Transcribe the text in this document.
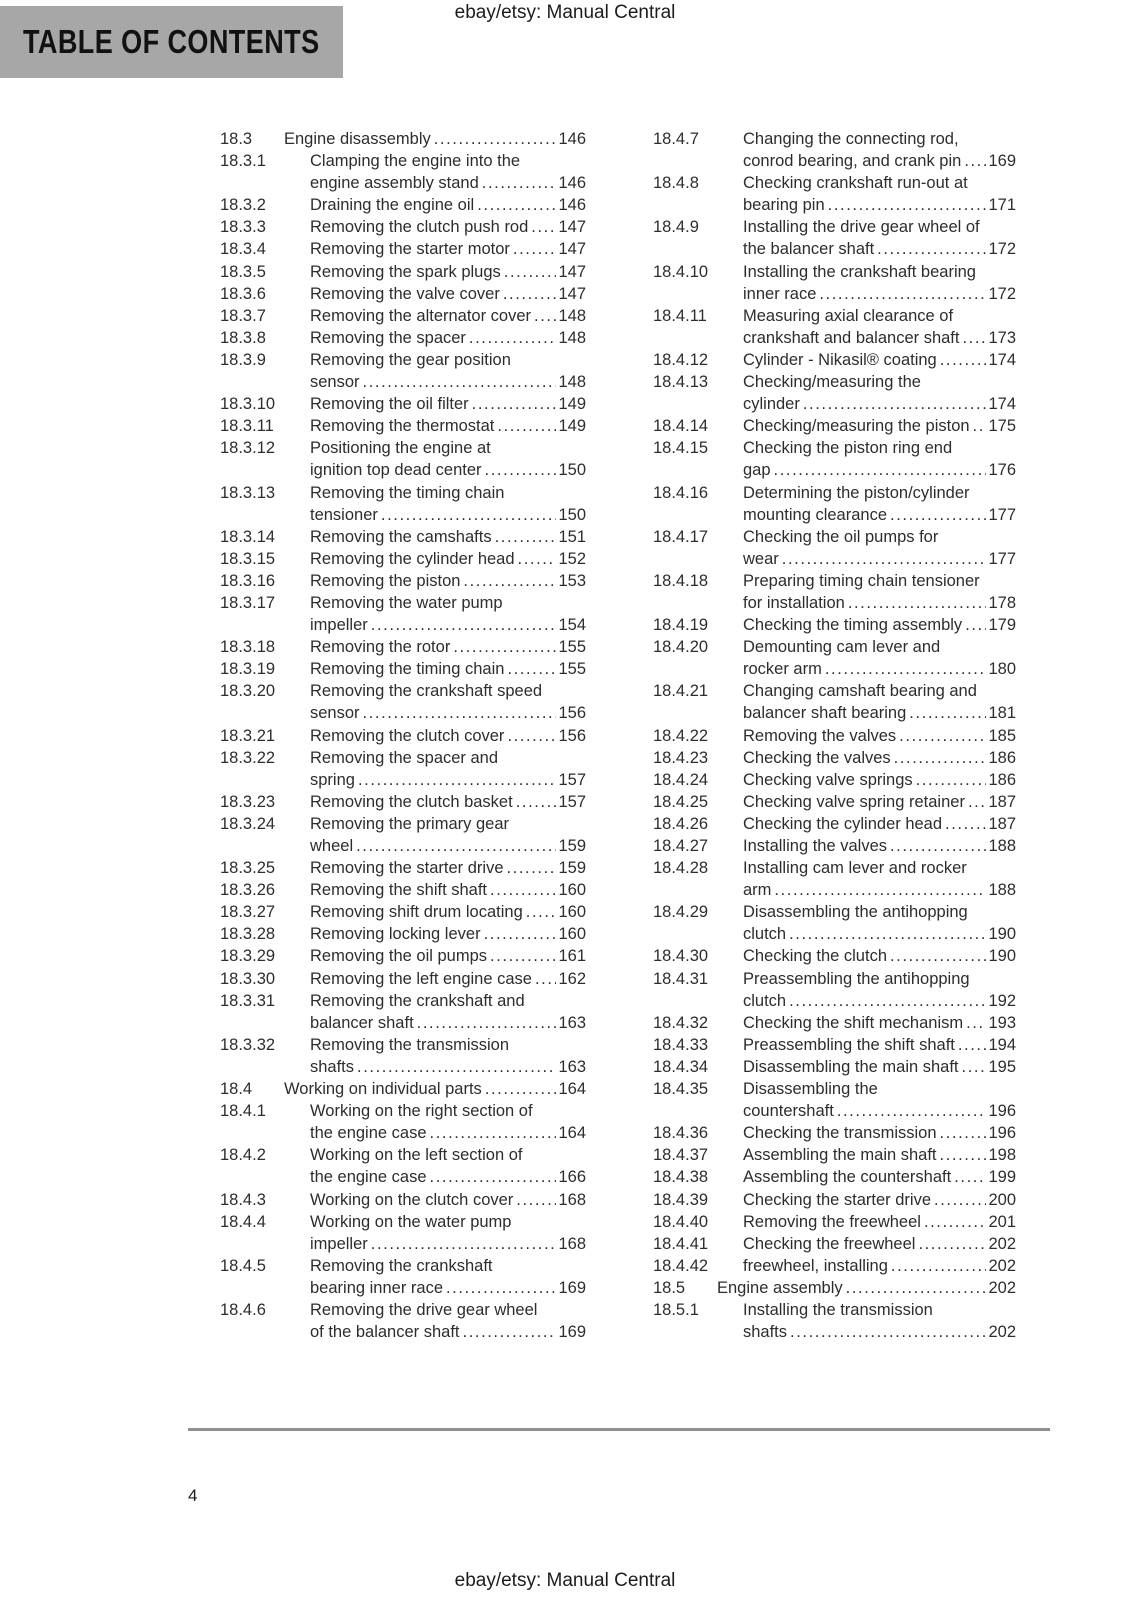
ebay/etsy: Manual Central
TABLE OF CONTENTS
18.3	Engine disassembly .....	146
18.3.1	Clamping the engine into the
engine assembly stand .....	146
18.3.2	Draining the engine oil .....	146
18.3.3	Removing the clutch push rod ..... 147
18.3.4	Removing the starter motor .....	147
18.3.5	Removing the spark plugs .....	147
18.3.6	Removing the valve cover .....	147
18.3.7	Removing the alternator cover ..... 148
18.3.8	Removing the spacer .....	148
18.3.9	Removing the gear position
sensor .....	148
18.3.10	Removing the oil filter .....	149
18.3.11	Removing the thermostat .....	149
18.3.12	Positioning the engine at
ignition top dead center .....	150
18.3.13	Removing the timing chain
tensioner .....	150
18.3.14	Removing the camshafts .....	151
18.3.15	Removing the cylinder head .....	152
18.3.16	Removing the piston .....	153
18.3.17	Removing the water pump
impeller .....	154
18.3.18	Removing the rotor .....	155
18.3.19	Removing the timing chain .....	155
18.3.20	Removing the crankshaft speed
sensor .....	156
18.3.21	Removing the clutch cover .....	156
18.3.22	Removing the spacer and
spring .....	157
18.3.23	Removing the clutch basket .....	157
18.3.24	Removing the primary gear
wheel .....	159
18.3.25	Removing the starter drive .....	159
18.3.26	Removing the shift shaft .....	160
18.3.27	Removing shift drum locating ..... 160
18.3.28	Removing locking lever .....	160
18.3.29	Removing the oil pumps .....	161
18.3.30	Removing the left engine case ..... 162
18.3.31	Removing the crankshaft and
balancer shaft .....	163
18.3.32	Removing the transmission
shafts .....	163
18.4	Working on individual parts .....	164
18.4.1	Working on the right section of
the engine case .....	164
18.4.2	Working on the left section of
the engine case .....	166
18.4.3	Working on the clutch cover .....	168
18.4.4	Working on the water pump
impeller .....	168
18.4.5	Removing the crankshaft
bearing inner race .....	169
18.4.6	Removing the drive gear wheel
of the balancer shaft .....	169
18.4.7	Changing the connecting rod,
conrod bearing, and crank pin ..... 169
18.4.8	Checking crankshaft run-out at
bearing pin .....	171
18.4.9	Installing the drive gear wheel of
the balancer shaft .....	172
18.4.10	Installing the crankshaft bearing
inner race .....	172
18.4.11	Measuring axial clearance of
crankshaft and balancer shaft ..... 173
18.4.12	Cylinder - Nikasil® coating .....	174
18.4.13	Checking/measuring the
cylinder .....	174
18.4.14	Checking/measuring the piston ..... 175
18.4.15	Checking the piston ring end
gap .....	176
18.4.16	Determining the piston/cylinder
mounting clearance .....	177
18.4.17	Checking the oil pumps for
wear .....	177
18.4.18	Preparing timing chain tensioner
for installation .....	178
18.4.19	Checking the timing assembly ..... 179
18.4.20	Demounting cam lever and
rocker arm .....	180
18.4.21	Changing camshaft bearing and
balancer shaft bearing .....	181
18.4.22	Removing the valves .....	185
18.4.23	Checking the valves .....	186
18.4.24	Checking valve springs .....	186
18.4.25	Checking valve spring retainer ..... 187
18.4.26	Checking the cylinder head .....	187
18.4.27	Installing the valves .....	188
18.4.28	Installing cam lever and rocker
arm .....	188
18.4.29	Disassembling the antihopping
clutch .....	190
18.4.30	Checking the clutch .....	190
18.4.31	Preassembling the antihopping
clutch .....	192
18.4.32	Checking the shift mechanism ..... 193
18.4.33	Preassembling the shift shaft ..... 194
18.4.34	Disassembling the main shaft ..... 195
18.4.35	Disassembling the
countershaft .....	196
18.4.36	Checking the transmission .....	196
18.4.37	Assembling the main shaft .....	198
18.4.38	Assembling the countershaft ..... 199
18.4.39	Checking the starter drive .....	200
18.4.40	Removing the freewheel .....	201
18.4.41	Checking the freewheel .....	202
18.4.42	freewheel, installing .....	202
18.5	Engine assembly .....	202
18.5.1	Installing the transmission
shafts .....	202
4
ebay/etsy: Manual Central
